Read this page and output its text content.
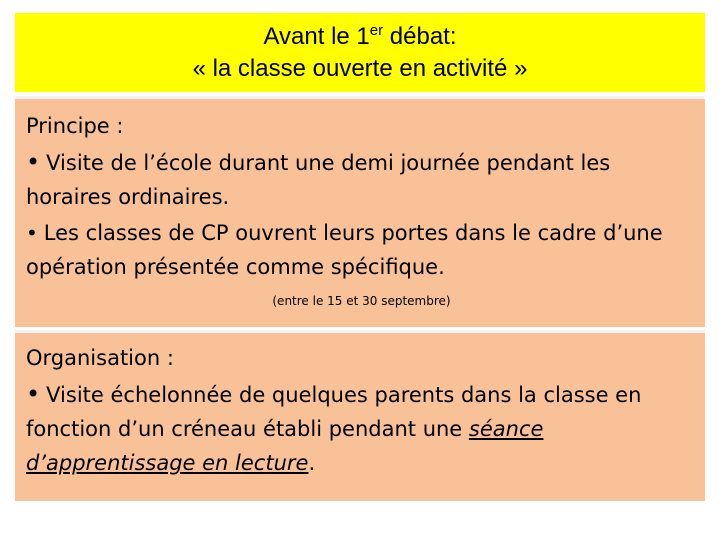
Avant le 1er débat:
« la classe ouverte en activité »
Principe :
• Visite de l’école durant une demi journée pendant les horaires ordinaires.
• Les classes de CP ouvrent leurs portes dans le cadre d’une opération présentée comme spécifique.
(entre le 15 et 30 septembre)
Organisation :
• Visite échelonnée de quelques parents dans la classe en fonction d’un créneau établi pendant une séance d’apprentissage en lecture.
